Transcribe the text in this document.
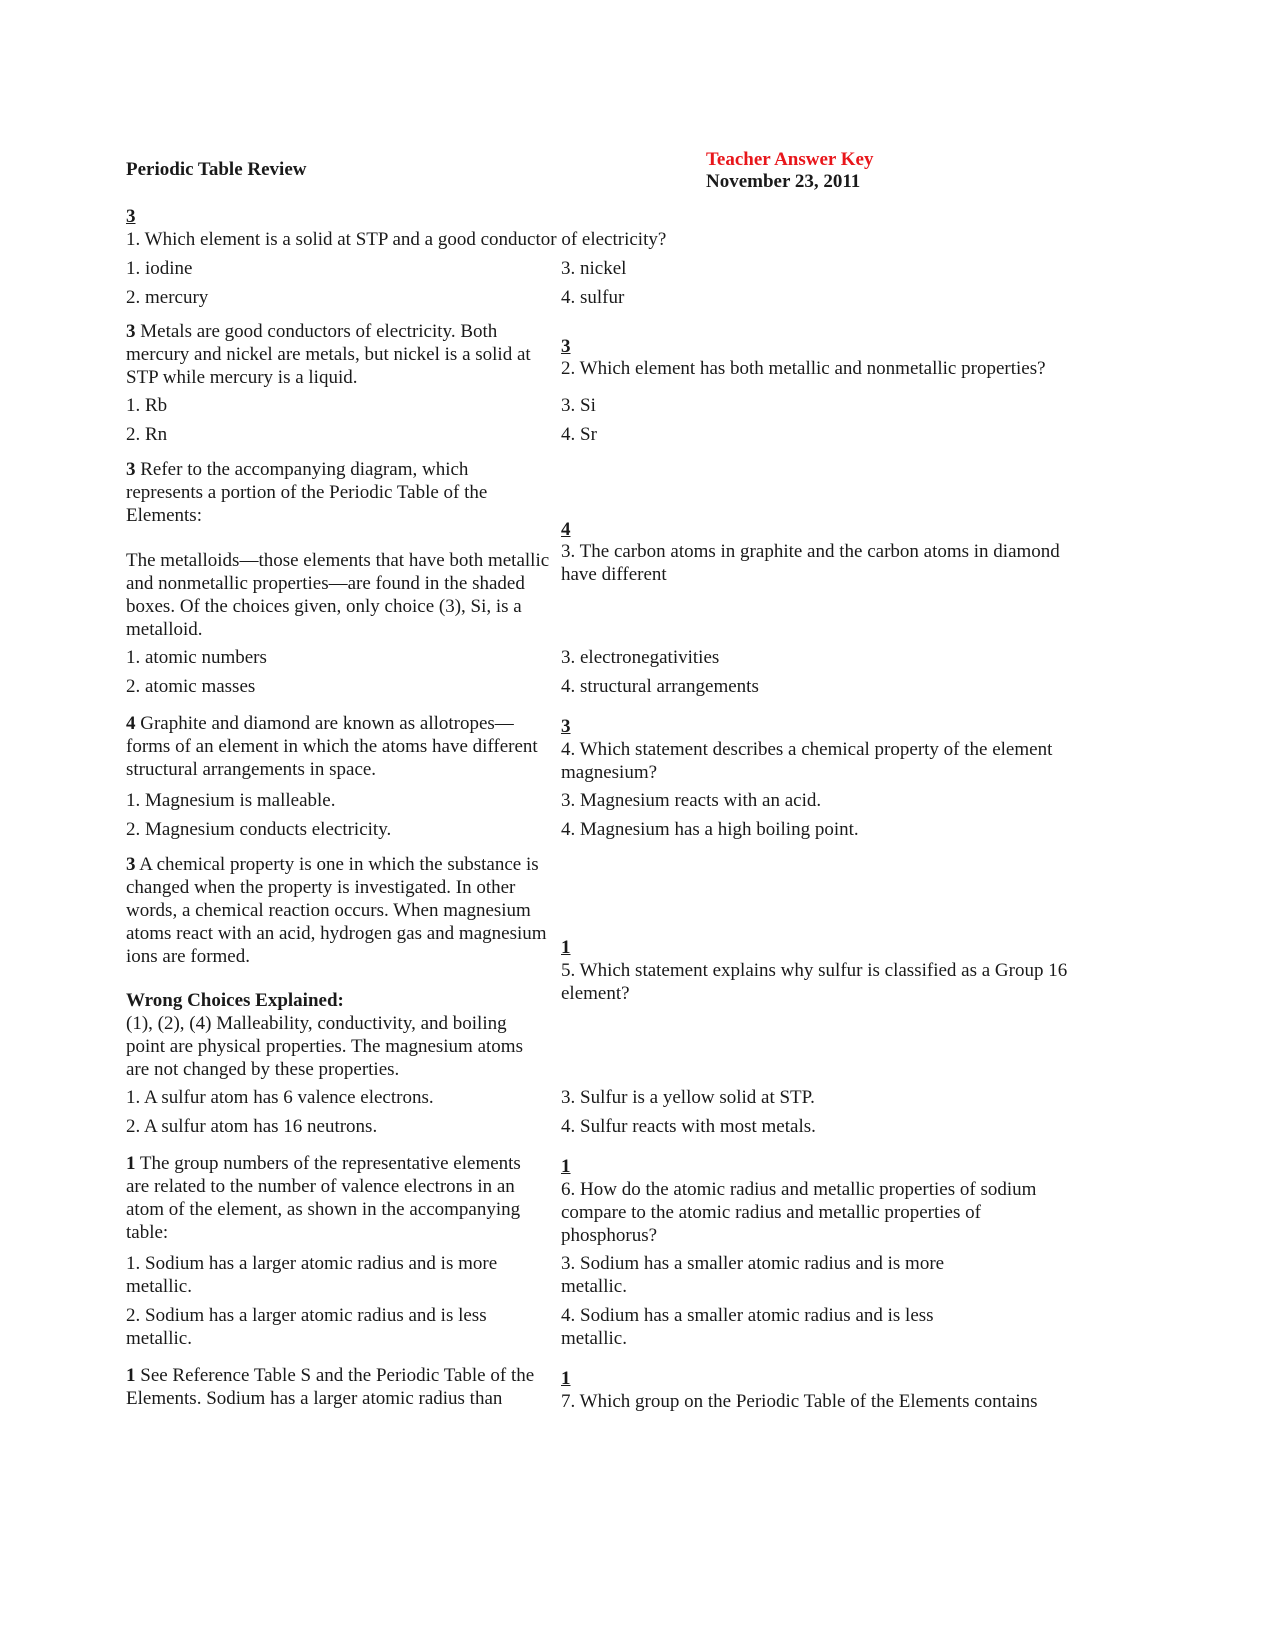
Periodic Table Review	Teacher Answer Key
November 23, 2011
3
1. Which element is a solid at STP and a good conductor of electricity?
1. iodine
2. mercury
3. nickel
4. sulfur
3 Metals are good conductors of electricity. Both mercury and nickel are metals, but nickel is a solid at STP while mercury is a liquid.
3
2. Which element has both metallic and nonmetallic properties?
1. Rb
2. Rn
3. Si
4. Sr
3 Refer to the accompanying diagram, which represents a portion of the Periodic Table of the Elements:
The metalloids—those elements that have both metallic and nonmetallic properties—are found in the shaded boxes. Of the choices given, only choice (3), Si, is a metalloid.
4
3. The carbon atoms in graphite and the carbon atoms in diamond have different
1. atomic numbers
2. atomic masses
3. electronegativities
4. structural arrangements
4 Graphite and diamond are known as allotropes—forms of an element in which the atoms have different structural arrangements in space.
3
4. Which statement describes a chemical property of the element magnesium?
1. Magnesium is malleable.
2. Magnesium conducts electricity.
3. Magnesium reacts with an acid.
4. Magnesium has a high boiling point.
3 A chemical property is one in which the substance is changed when the property is investigated. In other words, a chemical reaction occurs. When magnesium atoms react with an acid, hydrogen gas and magnesium ions are formed.
Wrong Choices Explained:
(1), (2), (4) Malleability, conductivity, and boiling point are physical properties. The magnesium atoms are not changed by these properties.
1
5. Which statement explains why sulfur is classified as a Group 16 element?
1. A sulfur atom has 6 valence electrons.
2. A sulfur atom has 16 neutrons.
3. Sulfur is a yellow solid at STP.
4. Sulfur reacts with most metals.
1 The group numbers of the representative elements are related to the number of valence electrons in an atom of the element, as shown in the accompanying table:
1
6. How do the atomic radius and metallic properties of sodium compare to the atomic radius and metallic properties of phosphorus?
1. Sodium has a larger atomic radius and is more metallic.
2. Sodium has a larger atomic radius and is less metallic.
3. Sodium has a smaller atomic radius and is more metallic.
4. Sodium has a smaller atomic radius and is less metallic.
1 See Reference Table S and the Periodic Table of the Elements. Sodium has a larger atomic radius than
1
7. Which group on the Periodic Table of the Elements contains
